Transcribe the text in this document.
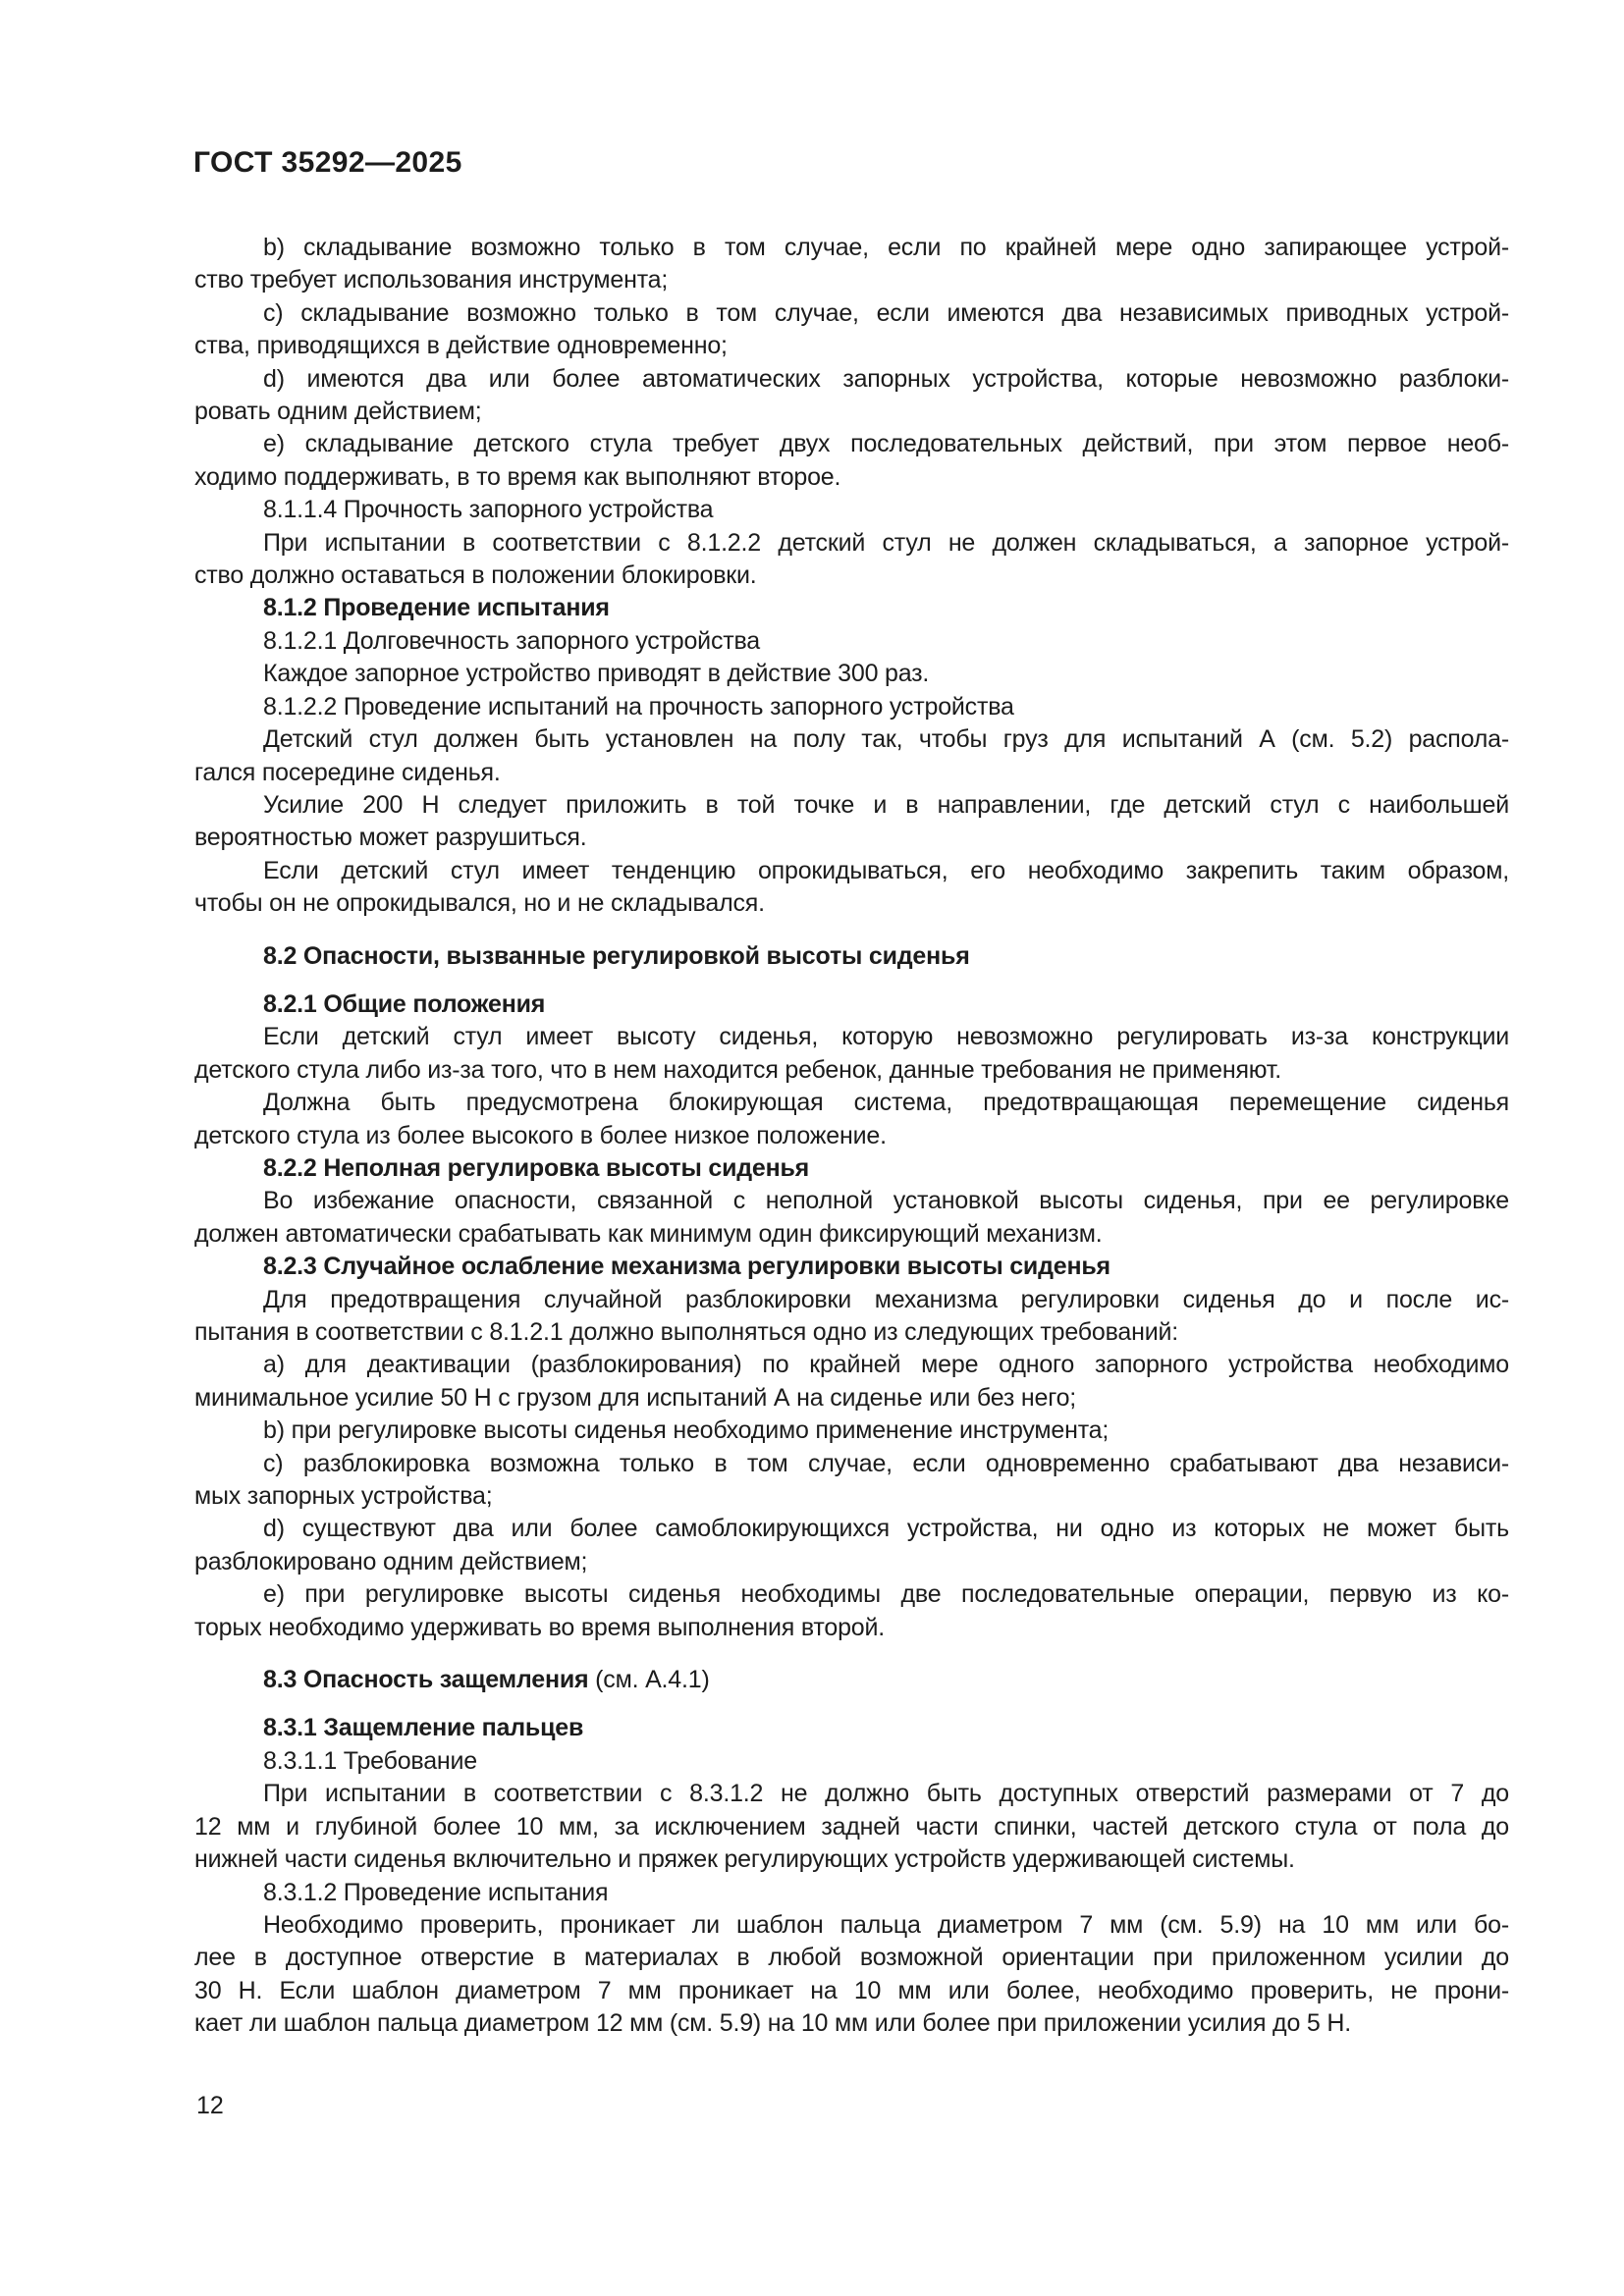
ГОСТ 35292—2025
b) складывание возможно только в том случае, если по крайней мере одно запирающее устрой-
ство требует использования инструмента;
c) складывание возможно только в том случае, если имеются два независимых приводных устрой-
ства, приводящихся в действие одновременно;
d) имеются два или более автоматических запорных устройства, которые невозможно разблоки-
ровать одним действием;
e) складывание детского стула требует двух последовательных действий, при этом первое необ-
ходимо поддерживать, в то время как выполняют второе.
8.1.1.4 Прочность запорного устройства
При испытании в соответствии с 8.1.2.2 детский стул не должен складываться, а запорное устрой-
ство должно оставаться в положении блокировки.
8.1.2 Проведение испытания
8.1.2.1 Долговечность запорного устройства
Каждое запорное устройство приводят в действие 300 раз.
8.1.2.2 Проведение испытаний на прочность запорного устройства
Детский стул должен быть установлен на полу так, чтобы груз для испытаний А (см. 5.2) распола-
гался посередине сиденья.
Усилие 200 Н следует приложить в той точке и в направлении, где детский стул с наибольшей
вероятностью может разрушиться.
Если детский стул имеет тенденцию опрокидываться, его необходимо закрепить таким образом,
чтобы он не опрокидывался, но и не складывался.
8.2 Опасности, вызванные регулировкой высоты сиденья
8.2.1 Общие положения
Если детский стул имеет высоту сиденья, которую невозможно регулировать из-за конструкции
детского стула либо из-за того, что в нем находится ребенок, данные требования не применяют.
Должна быть предусмотрена блокирующая система, предотвращающая перемещение сиденья
детского стула из более высокого в более низкое положение.
8.2.2 Неполная регулировка высоты сиденья
Во избежание опасности, связанной с неполной установкой высоты сиденья, при ее регулировке
должен автоматически срабатывать как минимум один фиксирующий механизм.
8.2.3 Случайное ослабление механизма регулировки высоты сиденья
Для предотвращения случайной разблокировки механизма регулировки сиденья до и после ис-
пытания в соответствии с 8.1.2.1 должно выполняться одно из следующих требований:
а) для деактивации (разблокирования) по крайней мере одного запорного устройства необходимо
минимальное усилие 50 Н с грузом для испытаний А на сиденье или без него;
b) при регулировке высоты сиденья необходимо применение инструмента;
c) разблокировка возможна только в том случае, если одновременно срабатывают два независи-
мых запорных устройства;
d) существуют два или более самоблокирующихся устройства, ни одно из которых не может быть
разблокировано одним действием;
е) при регулировке высоты сиденья необходимы две последовательные операции, первую из ко-
торых необходимо удерживать во время выполнения второй.
8.3 Опасность защемления (см. А.4.1)
8.3.1 Защемление пальцев
8.3.1.1 Требование
При испытании в соответствии с 8.3.1.2 не должно быть доступных отверстий размерами от 7 до
12 мм и глубиной более 10 мм, за исключением задней части спинки, частей детского стула от пола до
нижней части сиденья включительно и пряжек регулирующих устройств удерживающей системы.
8.3.1.2 Проведение испытания
Необходимо проверить, проникает ли шаблон пальца диаметром 7 мм (см. 5.9) на 10 мм или бо-
лее в доступное отверстие в материалах в любой возможной ориентации при приложенном усилии до
30 Н. Если шаблон диаметром 7 мм проникает на 10 мм или более, необходимо проверить, не прони-
кает ли шаблон пальца диаметром 12 мм (см. 5.9) на 10 мм или более при приложении усилия до 5 Н.
12
